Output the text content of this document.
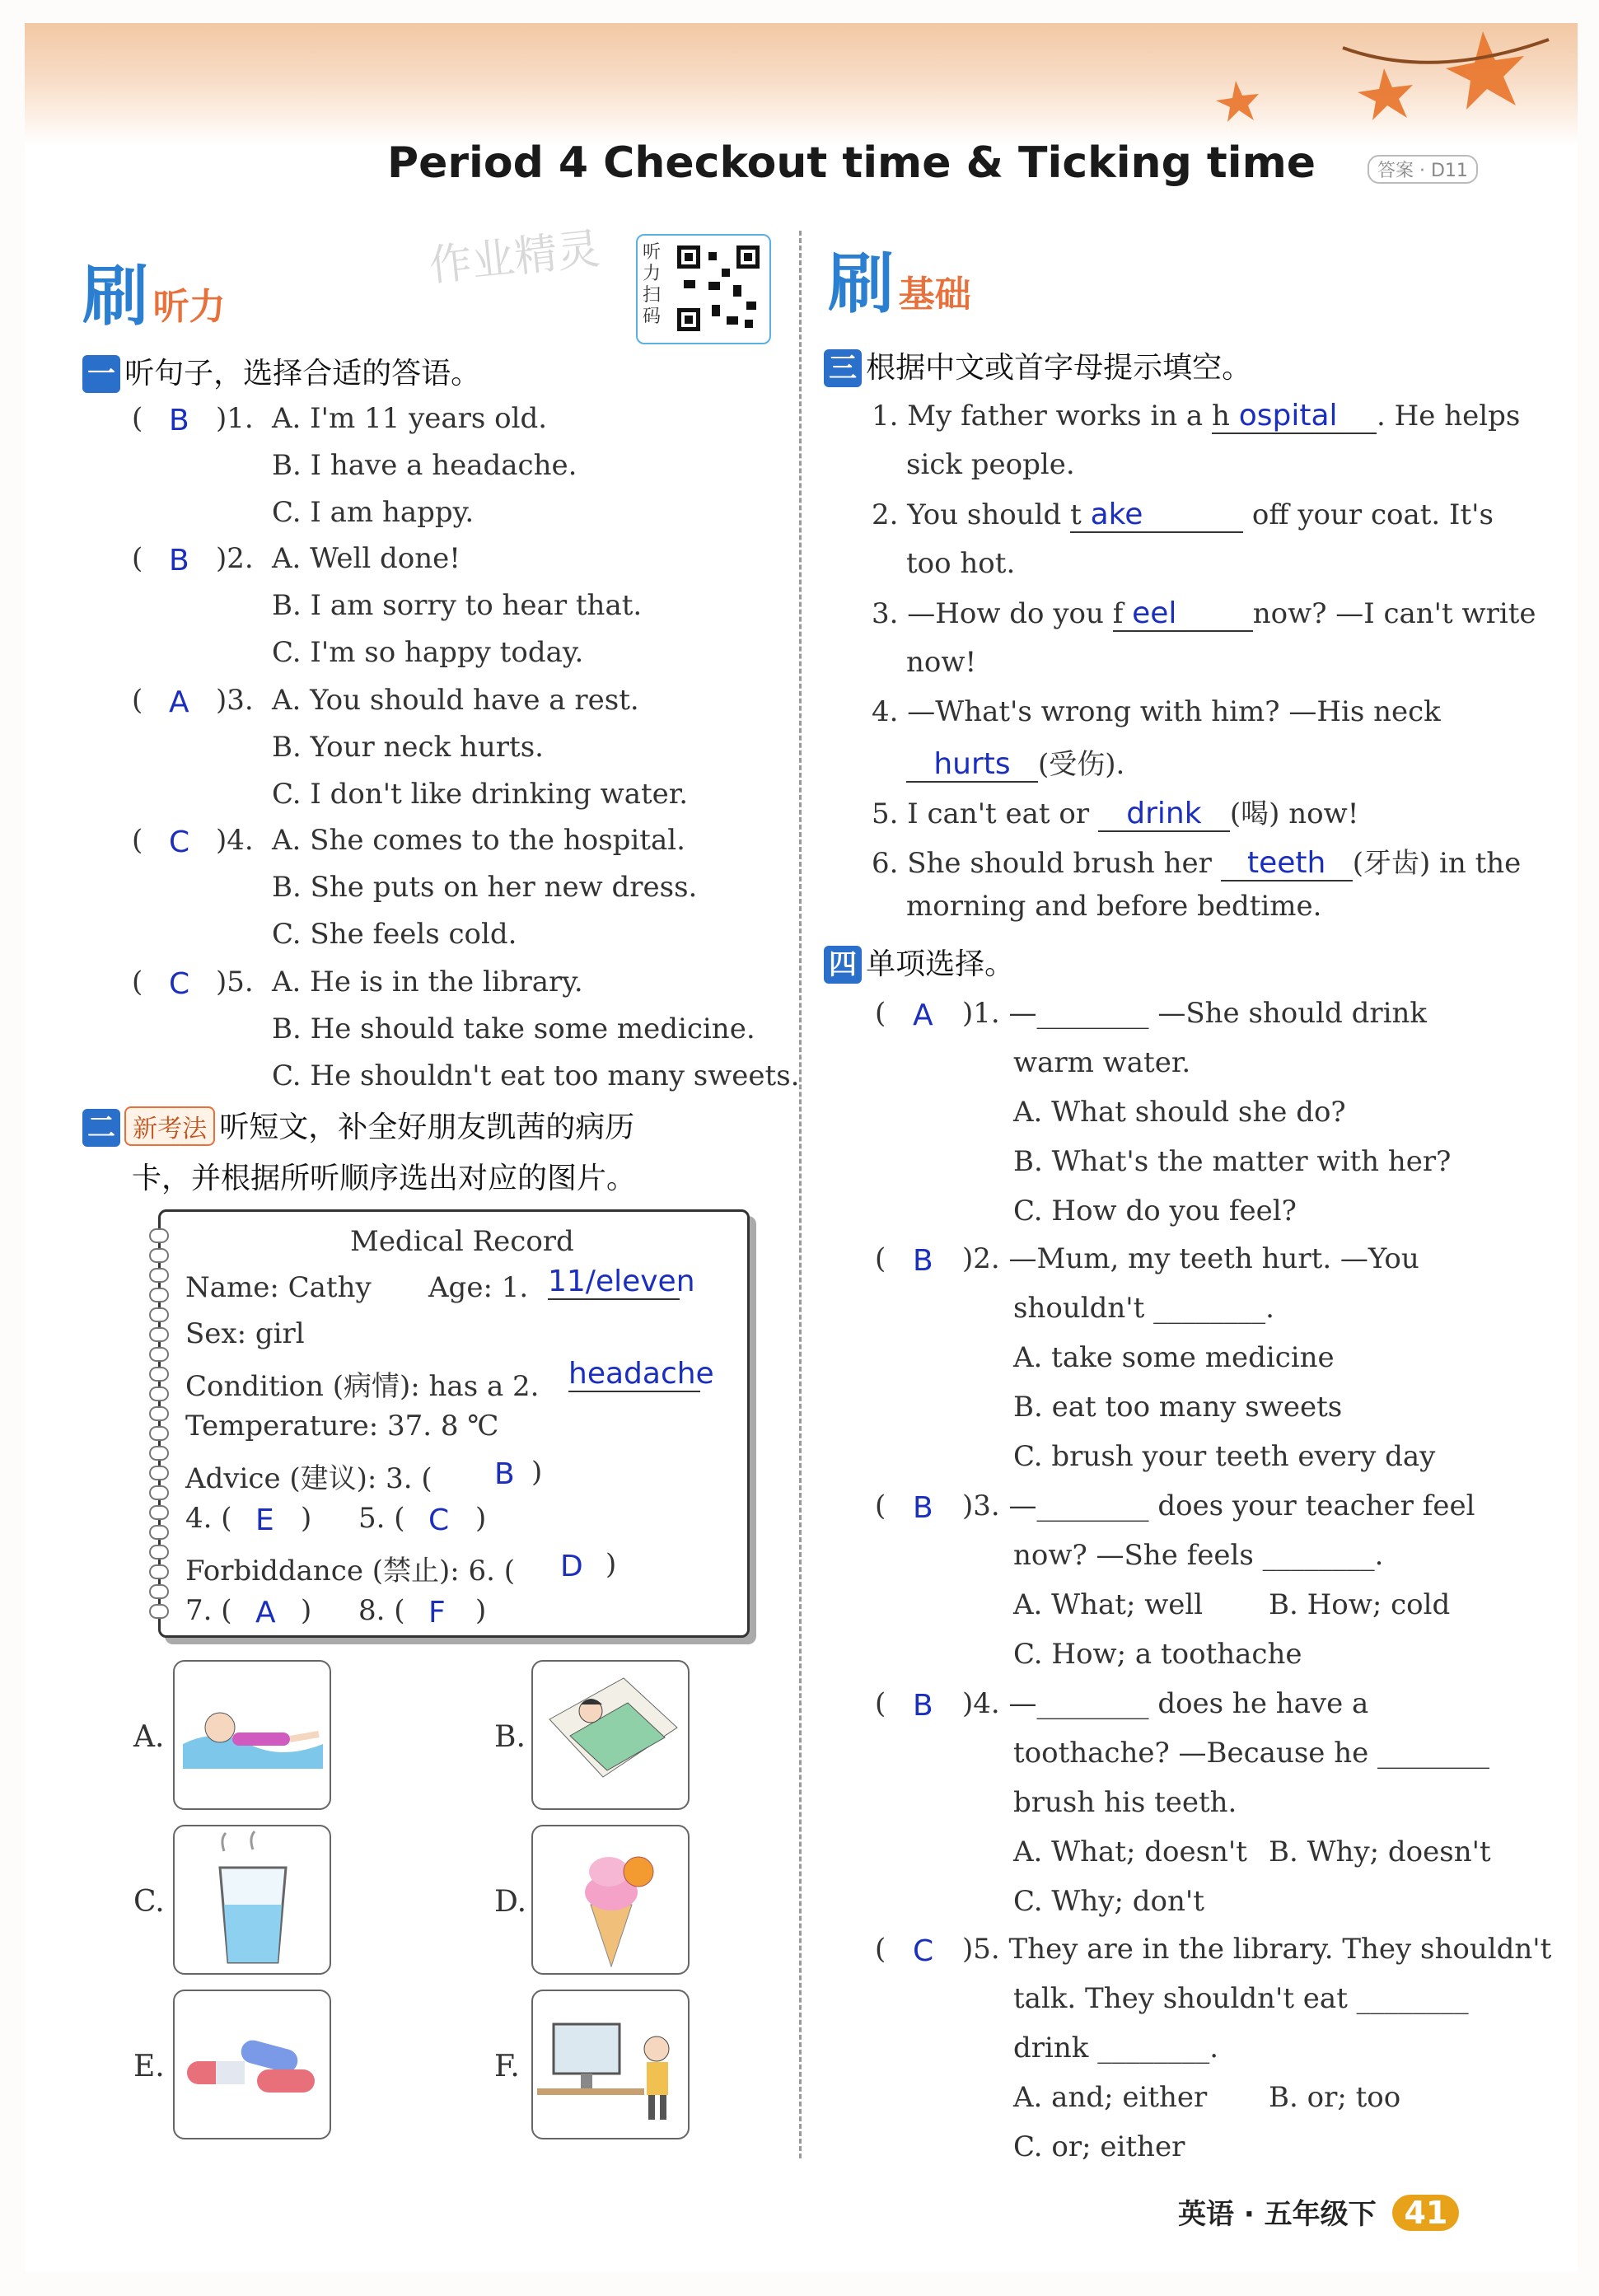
Period 4 Checkout time & Ticking time	答案 · D11
作业精灵
刷 听力
听力扫码
一 听句子，选择合适的答语。
( B )1. A. I'm 11 years old.
B. I have a headache.
C. I am happy.
( B )2. A. Well done!
B. I am sorry to hear that.
C. I'm so happy today.
( A )3. A. You should have a rest.
B. Your neck hurts.
C. I don't like drinking water.
( C )4. A. She comes to the hospital.
B. She puts on her new dress.
C. She feels cold.
( C )5. A. He is in the library.
B. He should take some medicine.
C. He shouldn't eat too many sweets.
二 新考法 听短文，补全好朋友凯茜的病历
卡，并根据所听顺序选出对应的图片。
Medical Record
Name: Cathy Age: 1. 11/eleven
Sex: girl
Condition (病情): has a 2. headache
Temperature: 37. 8 ℃
Advice (建议): 3. ( B )
4. ( E ) 5. ( C )
Forbiddance (禁止): 6. ( D )
7. ( A ) 8. ( F )
A.	B.
C.	D.
E.	F.
刷 基础
三 根据中文或首字母提示填空。
1. My father works in a h ospital . He helps
sick people.
2. You should t ake	off your coat. It's
too hot.
3. —How do you f eel	now? —I can't write
now!
4. —What's wrong with him? —His neck
hurts (受伤).
5. I can't eat or drink (喝) now!
6. She should brush her teeth (牙齿) in the
morning and before bedtime.
四 单项选择。
( A )1. —________ —She should drink
warm water.
A. What should she do?
B. What's the matter with her?
C. How do you feel?
( B )2. —Mum, my teeth hurt. —You
shouldn't ________.
A. take some medicine
B. eat too many sweets
C. brush your teeth every day
( B )3. —________ does your teacher feel
now? —She feels ________.
A. What; well B. How; cold
C. How; a toothache
( B )4. —________ does he have a
toothache? —Because he ________
brush his teeth.
A. What; doesn't B. Why; doesn't
C. Why; don't
( C )5. They are in the library. They shouldn't
talk. They shouldn't eat ________
drink ________.
A. and; either B. or; too
C. or; either
英语 · 五年级下 41
